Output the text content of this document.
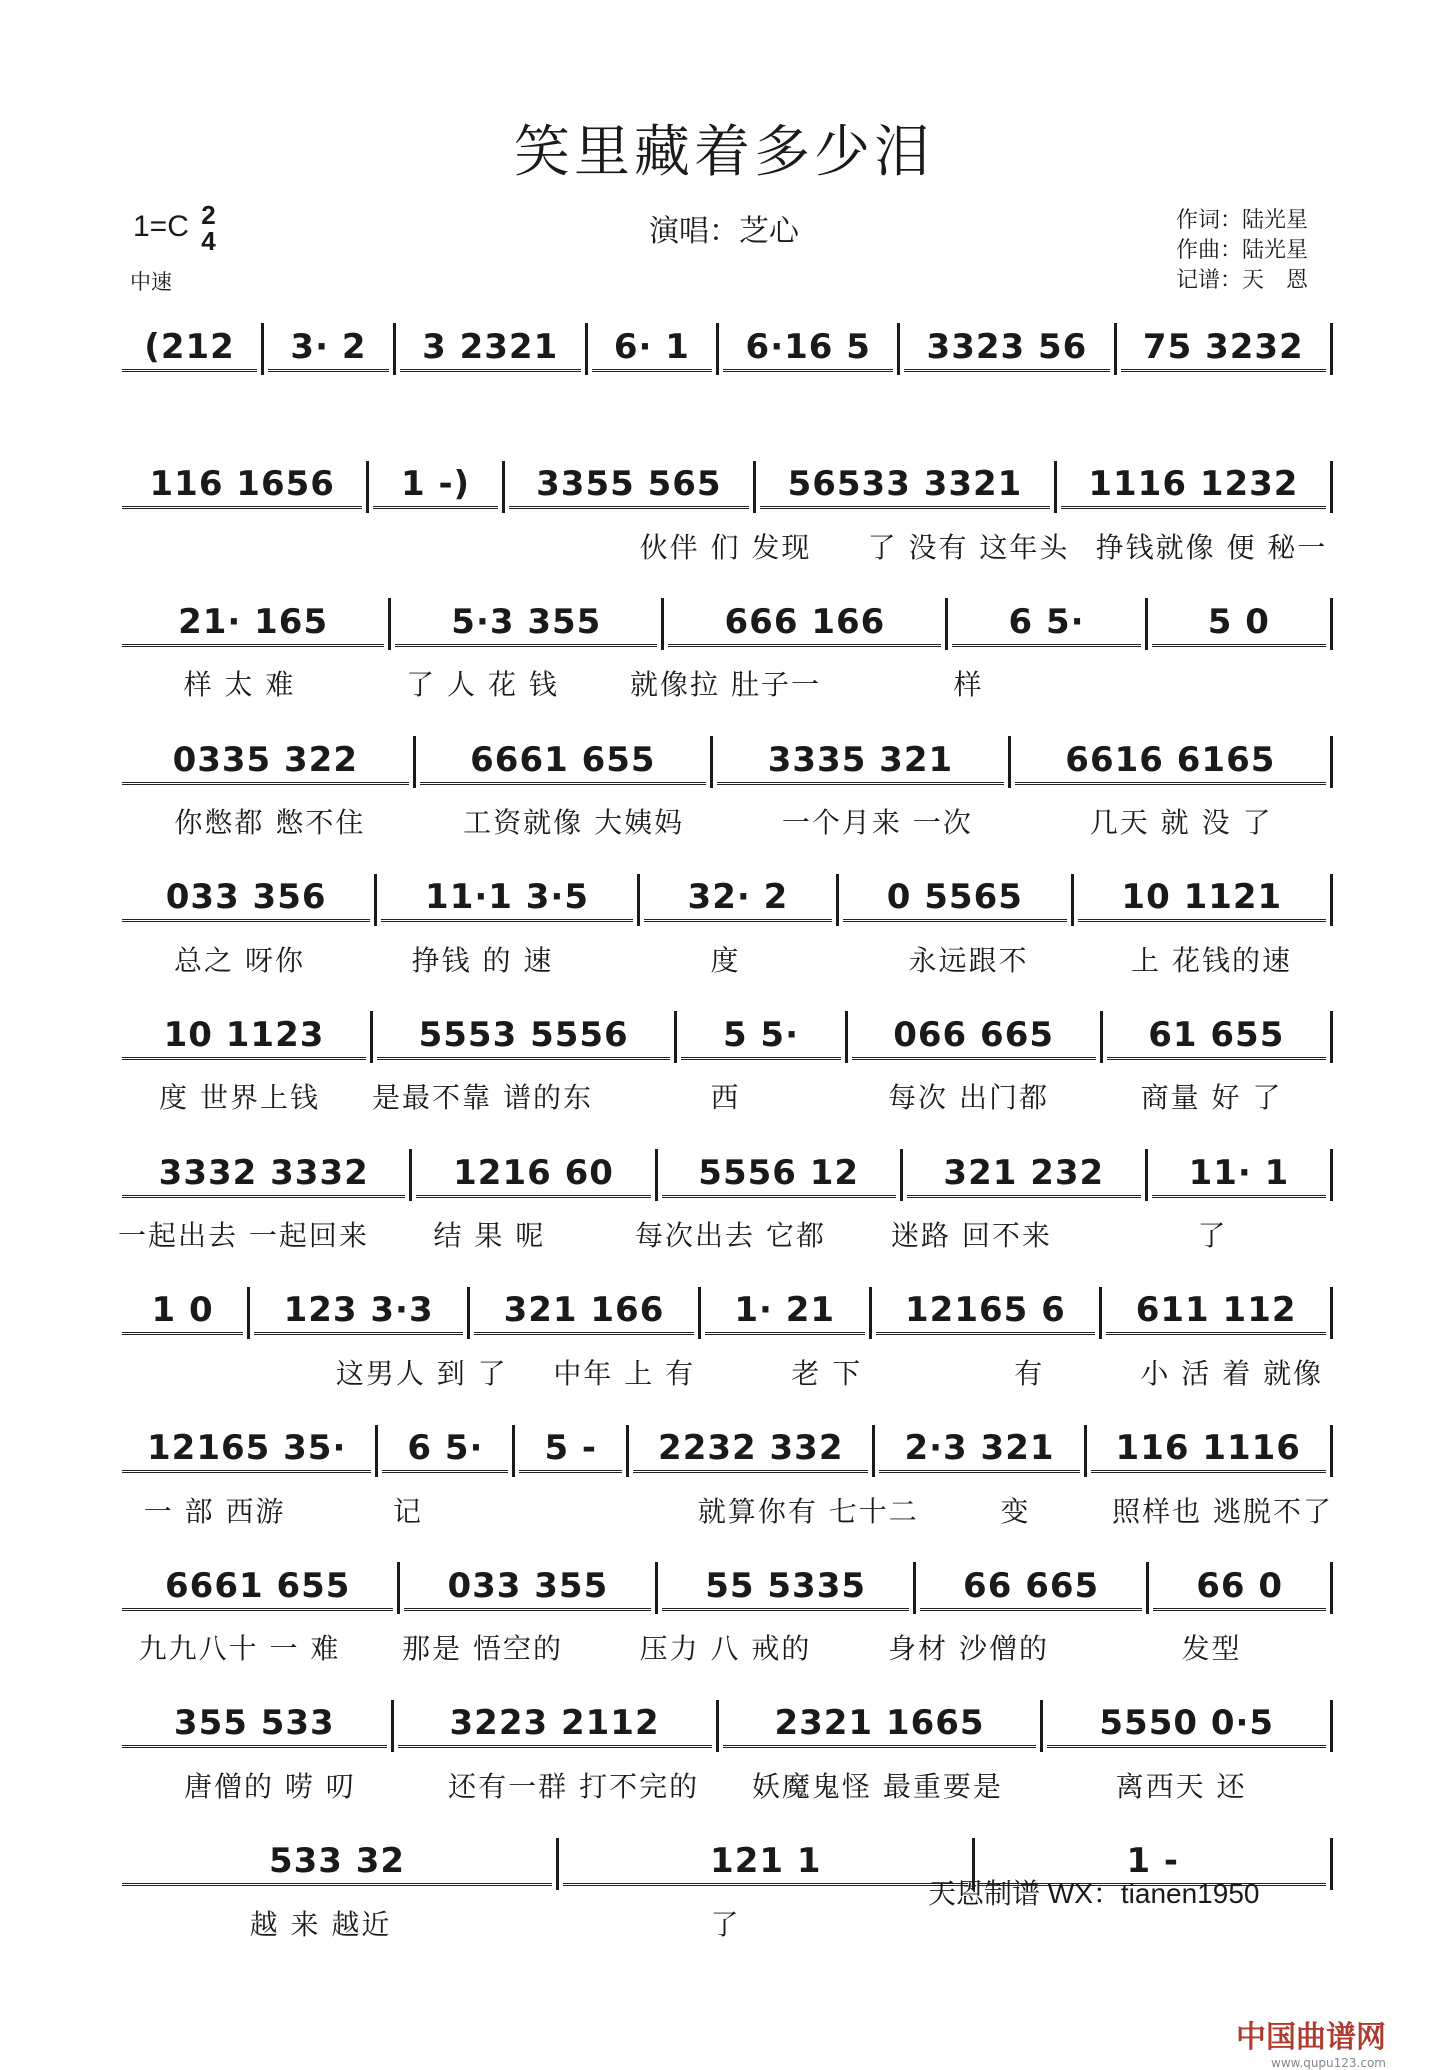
笑里藏着多少泪
1=C 2
4
中速
演唱：芝心	作词：陆光星
作曲：陆光星
记谱：天　恩
(212	3· 2	3 2321	6· 1	6·16 5	3323 56	75 3232
116 1656	1 -)	3355 565	56533 3321	1116 1232
伙伴 们 发现	了 没有 这年头 挣钱就像 便 秘一
21· 165	5·3 355	666 166	6 5·	5 0
样 太 难	了 人 花 钱	就像拉 肚子一	样
0335 322	6661 655	3335 321	6616 6165
你憋都 憋不住	工资就像 大姨妈	一个月来 一次	几天 就 没 了
033 356	11·1 3·5	32· 2	0 5565	10 1121
总之 呀你	挣钱 的 速	度	永远跟不	上 花钱的速
10 1123	5553 5556	5 5·	066 665	61 655
度 世界上钱	是最不靠 谱的东	西	每次 出门都	商量 好 了
3332 3332	1216 60	5556 12	321 232	11· 1
一起出去 一起回来	结 果 呢	每次出去 它都	迷路 回不来	了
1 0	123 3·3	321 166	1· 21	12165 6	611 112
这男人 到 了	中年 上 有	老 下	有	小 活 着 就像
12165 35·	6 5·	5 -	2232 332	2·3 321	116 1116
一 部 西游	记	就算你有 七十二	变	照样也 逃脱不了
6661 655	033 355	55 5335	66 665	66 0
九九八十 一 难	那是 悟空的	压力 八 戒的	身材 沙僧的	发型
355 533	3223 2112	2321 1665	5550 0·5
唐僧的 唠 叨	还有一群 打不完的	妖魔鬼怪 最重要是	离西天 还
533 32	121 1	1 -
越 来 越近	了
天恩制谱 WX：tianen1950
中国曲谱网
www.qupu123.com
